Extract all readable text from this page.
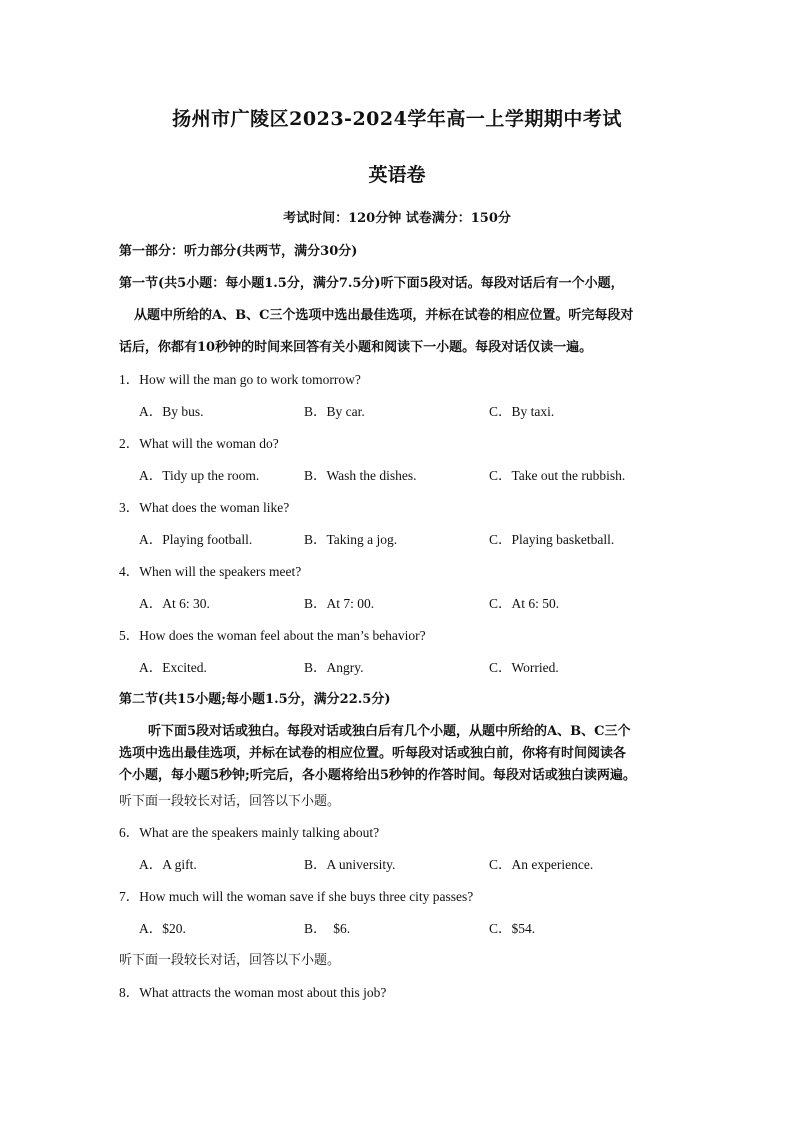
扬州市广陵区2023-2024学年高一上学期期中考试
英语卷
考试时间：120分钟 试卷满分：150分
第一部分：听力部分(共两节，满分30分)
第一节(共5小题：每小题1.5分，满分7.5分)听下面5段对话。每段对话后有一个小题，
从题中所给的A、B、C三个选项中选出最佳选项，并标在试卷的相应位置。听完每段对
话后，你都有10秒钟的时间来回答有关小题和阅读下一小题。每段对话仅读一遍。
1．How will the man go to work tomorrow?
A．By bus.	B．By car.	C．By taxi.
2．What will the woman do?
A．Tidy up the room.	B．Wash the dishes.	C．Take out the rubbish.
3．What does the woman like?
A．Playing football.	B．Taking a jog.	C．Playing basketball.
4．When will the speakers meet?
A．At 6: 30.	B．At 7: 00.	C．At 6: 50.
5．How does the woman feel about the man’s behavior?
A．Excited.	B．Angry.	C．Worried.
第二节(共15小题;每小题1.5分，满分22.5分)
听下面5段对话或独白。每段对话或独白后有几个小题，从题中所给的A、B、C三个
选项中选出最佳选项，并标在试卷的相应位置。听每段对话或独白前，你将有时间阅读各
个小题，每小题5秒钟;听完后，各小题将给出5秒钟的作答时间。每段对话或独白读两遍。
听下面一段较长对话，回答以下小题。
6．What are the speakers mainly talking about?
A．A gift.	B．A university.	C．An experience.
7．How much will the woman save if she buys three city passes?
A．$20.	B．  $6.	C．$54.
听下面一段较长对话，回答以下小题。
8．What attracts the woman most about this job?
